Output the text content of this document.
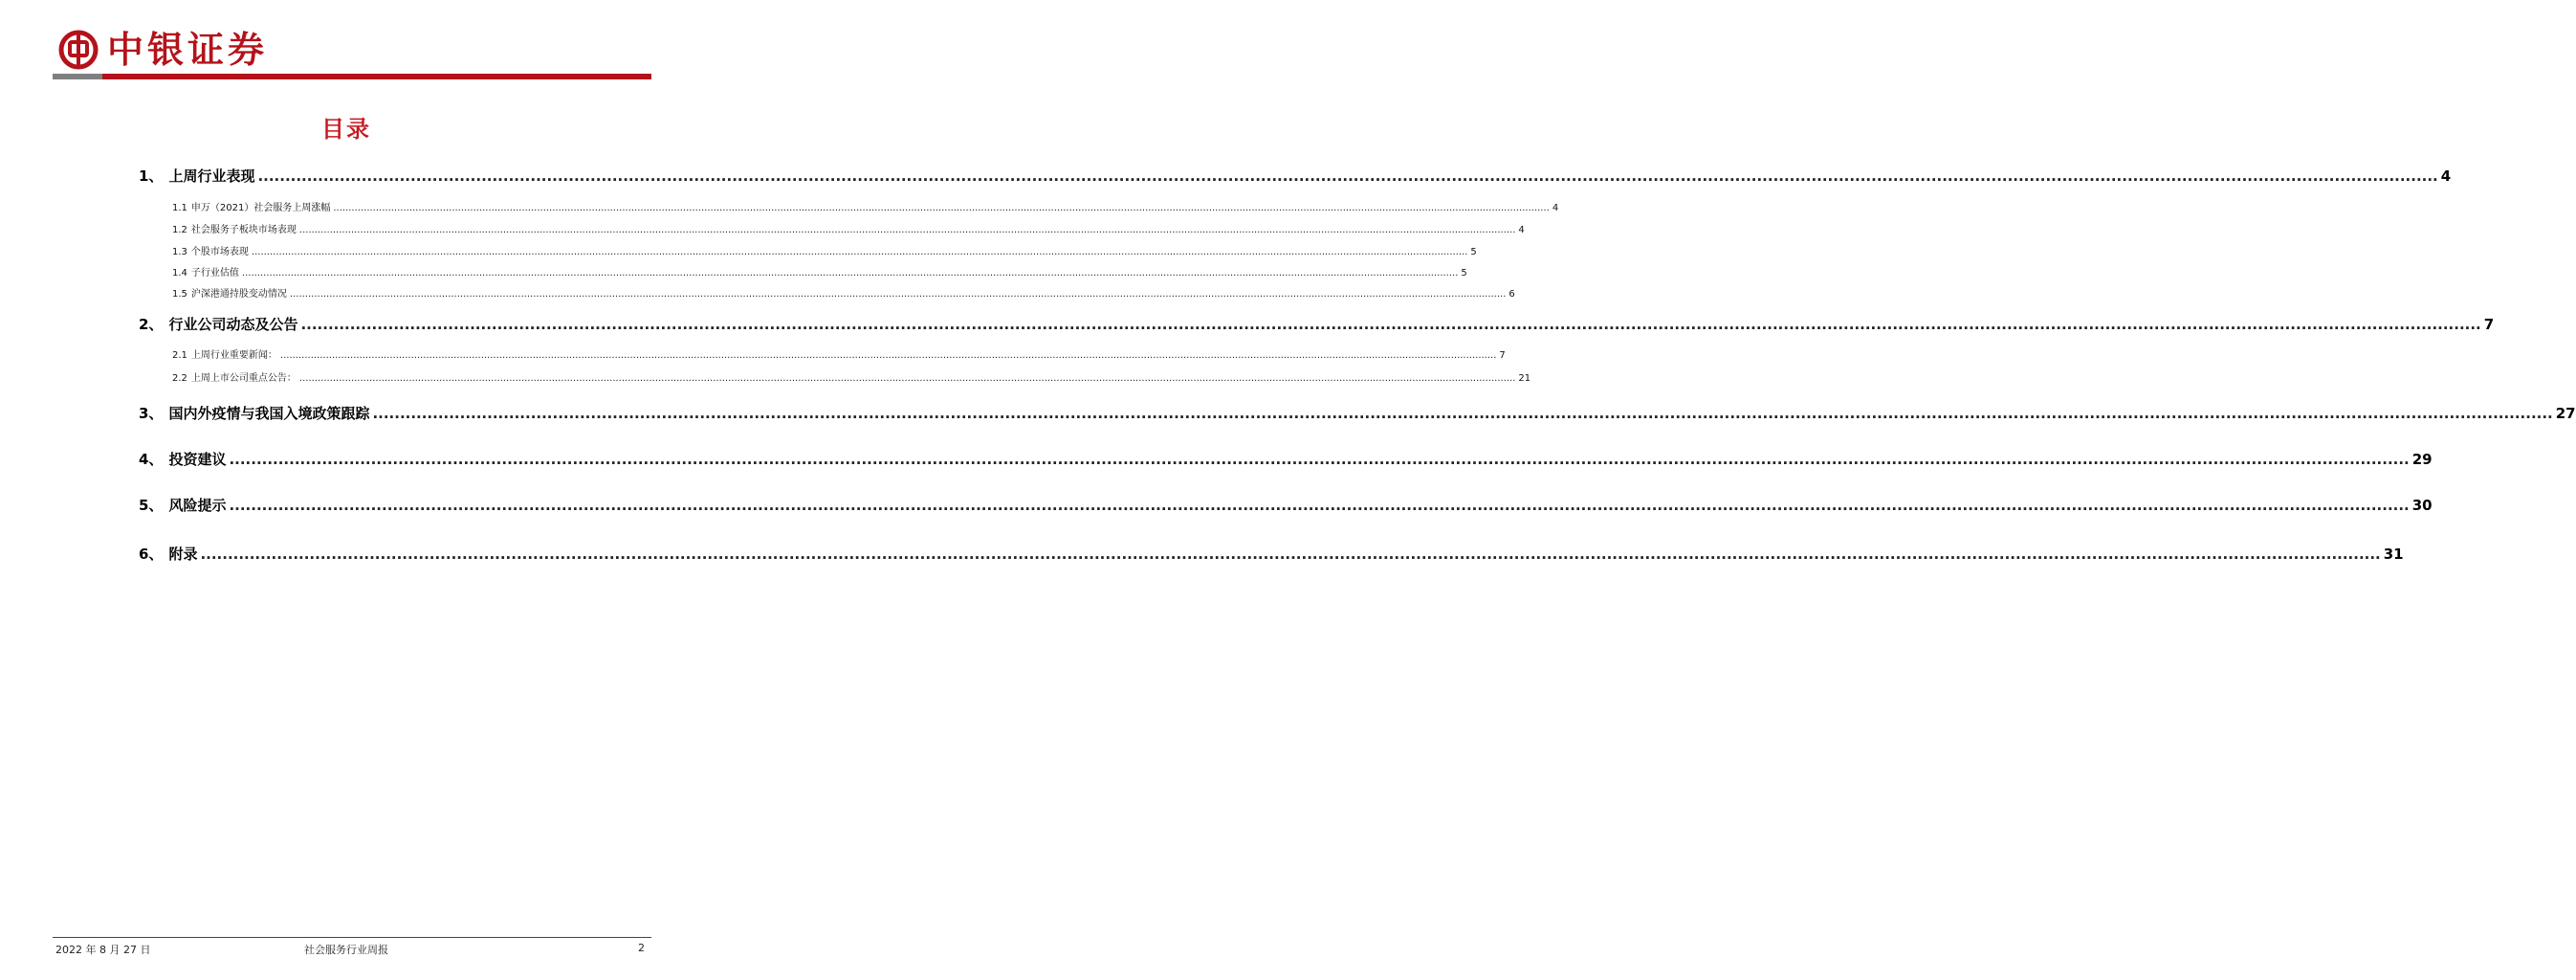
中银证券
目录
1、 上周行业表现 ................................................................................................................................................................................................................................................................................................................................................................................................................ 4
1.1 申万（2021）社会服务上周涨幅 ................................................................................................................................................................................................................................................................................................................................................................................................................ 4
1.2 社会服务子板块市场表现 ................................................................................................................................................................................................................................................................................................................................................................................................................ 4
1.3 个股市场表现 ................................................................................................................................................................................................................................................................................................................................................................................................................ 5
1.4 子行业估值 ................................................................................................................................................................................................................................................................................................................................................................................................................ 5
1.5 沪深港通持股变动情况 ................................................................................................................................................................................................................................................................................................................................................................................................................ 6
2、 行业公司动态及公告 ................................................................................................................................................................................................................................................................................................................................................................................................................ 7
2.1 上周行业重要新闻： ................................................................................................................................................................................................................................................................................................................................................................................................................ 7
2.2 上周上市公司重点公告： ................................................................................................................................................................................................................................................................................................................................................................................................................ 21
3、 国内外疫情与我国入境政策跟踪 ................................................................................................................................................................................................................................................................................................................................................................................................................ 27
4、 投资建议 ................................................................................................................................................................................................................................................................................................................................................................................................................ 29
5、 风险提示 ................................................................................................................................................................................................................................................................................................................................................................................................................ 30
6、 附录 ................................................................................................................................................................................................................................................................................................................................................................................................................ 31
2022 年 8 月 27 日	社会服务行业周报	2
